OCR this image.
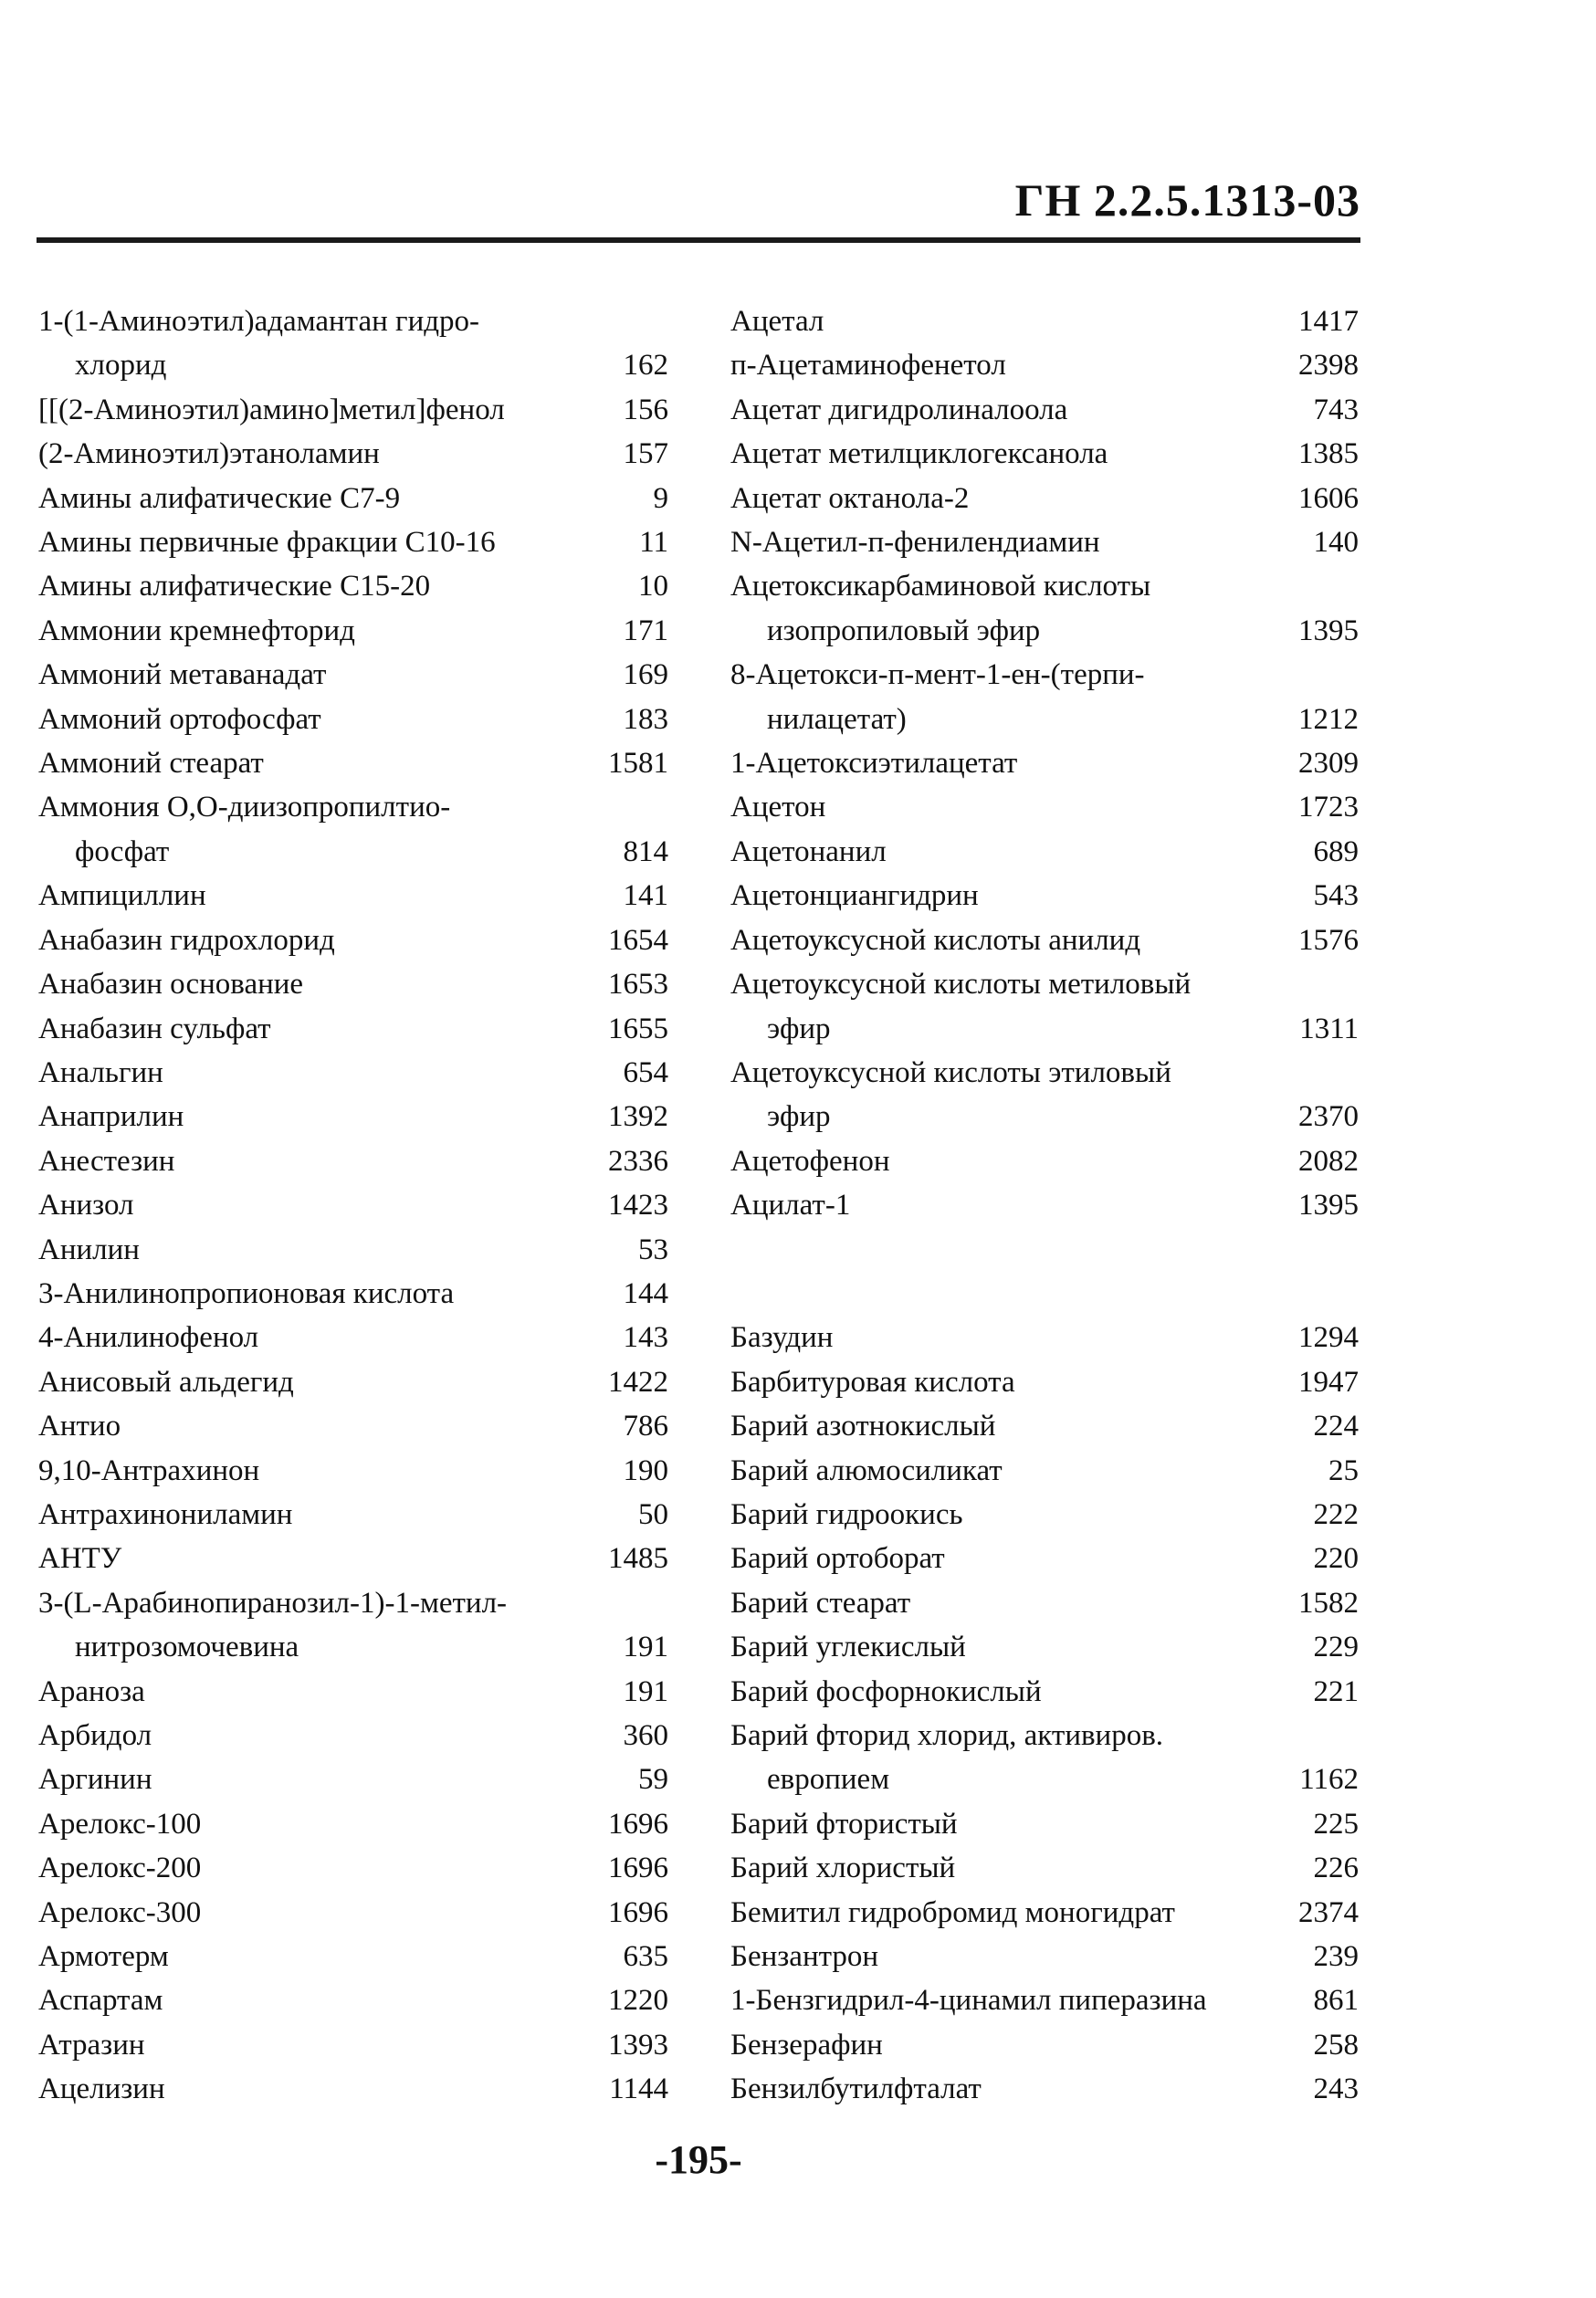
ГН 2.2.5.1313-03
1-(1-Аминоэтил)адамантан гидро-
хлорид	162
[[(2-Аминоэтил)амино]метил]фенол	156
(2-Аминоэтил)этаноламин	157
Амины алифатические C7-9	9
Амины первичные фракции C10-16	11
Амины алифатические C15-20	10
Аммонии кремнефторид	171
Аммоний метаванадат	169
Аммоний ортофосфат	183
Аммоний стеарат	1581
Аммония O,O-диизопропилтио-
фосфат	814
Ампициллин	141
Анабазин гидрохлорид	1654
Анабазин основание	1653
Анабазин сульфат	1655
Анальгин	654
Анаприлин	1392
Анестезин	2336
Анизол	1423
Анилин	53
3-Анилинопропионовая кислота	144
4-Анилинофенол	143
Анисовый альдегид	1422
Антио	786
9,10-Антрахинон	190
Антрахинониламин	50
АНТУ	1485
3-(L-Арабинопиранозил-1)-1-метил-
нитрозомочевина	191
Араноза	191
Арбидол	360
Аргинин	59
Арелокс-100	1696
Арелокс-200	1696
Арелокс-300	1696
Армотерм	635
Аспартам	1220
Атразин	1393
Ацелизин	1144
Ацетал	1417
п-Ацетаминофенетол	2398
Ацетат дигидролиналоола	743
Ацетат метилциклогексанола	1385
Ацетат октанола-2	1606
N-Ацетил-п-фенилендиамин	140
Ацетоксикарбаминовой кислоты
изопропиловый эфир	1395
8-Ацетокси-п-мент-1-ен-(терпи-
нилацетат)	1212
1-Ацетоксиэтилацетат	2309
Ацетон	1723
Ацетонанил	689
Ацетонциангидрин	543
Ацетоуксусной кислоты анилид	1576
Ацетоуксусной кислоты метиловый
эфир	1311
Ацетоуксусной кислоты этиловый
эфир	2370
Ацетофенон	2082
Ацилат-1	1395
Базудин	1294
Барбитуровая кислота	1947
Барий азотнокислый	224
Барий алюмосиликат	25
Барий гидроокись	222
Барий ортоборат	220
Барий стеарат	1582
Барий углекислый	229
Барий фосфорнокислый	221
Барий фторид хлорид, активиров.
европием	1162
Барий фтористый	225
Барий хлористый	226
Бемитил гидробромид моногидрат	2374
Бензантрон	239
1-Бензгидрил-4-цинамил пиперазина	861
Бензерафин	258
Бензилбутилфталат	243
-195-
